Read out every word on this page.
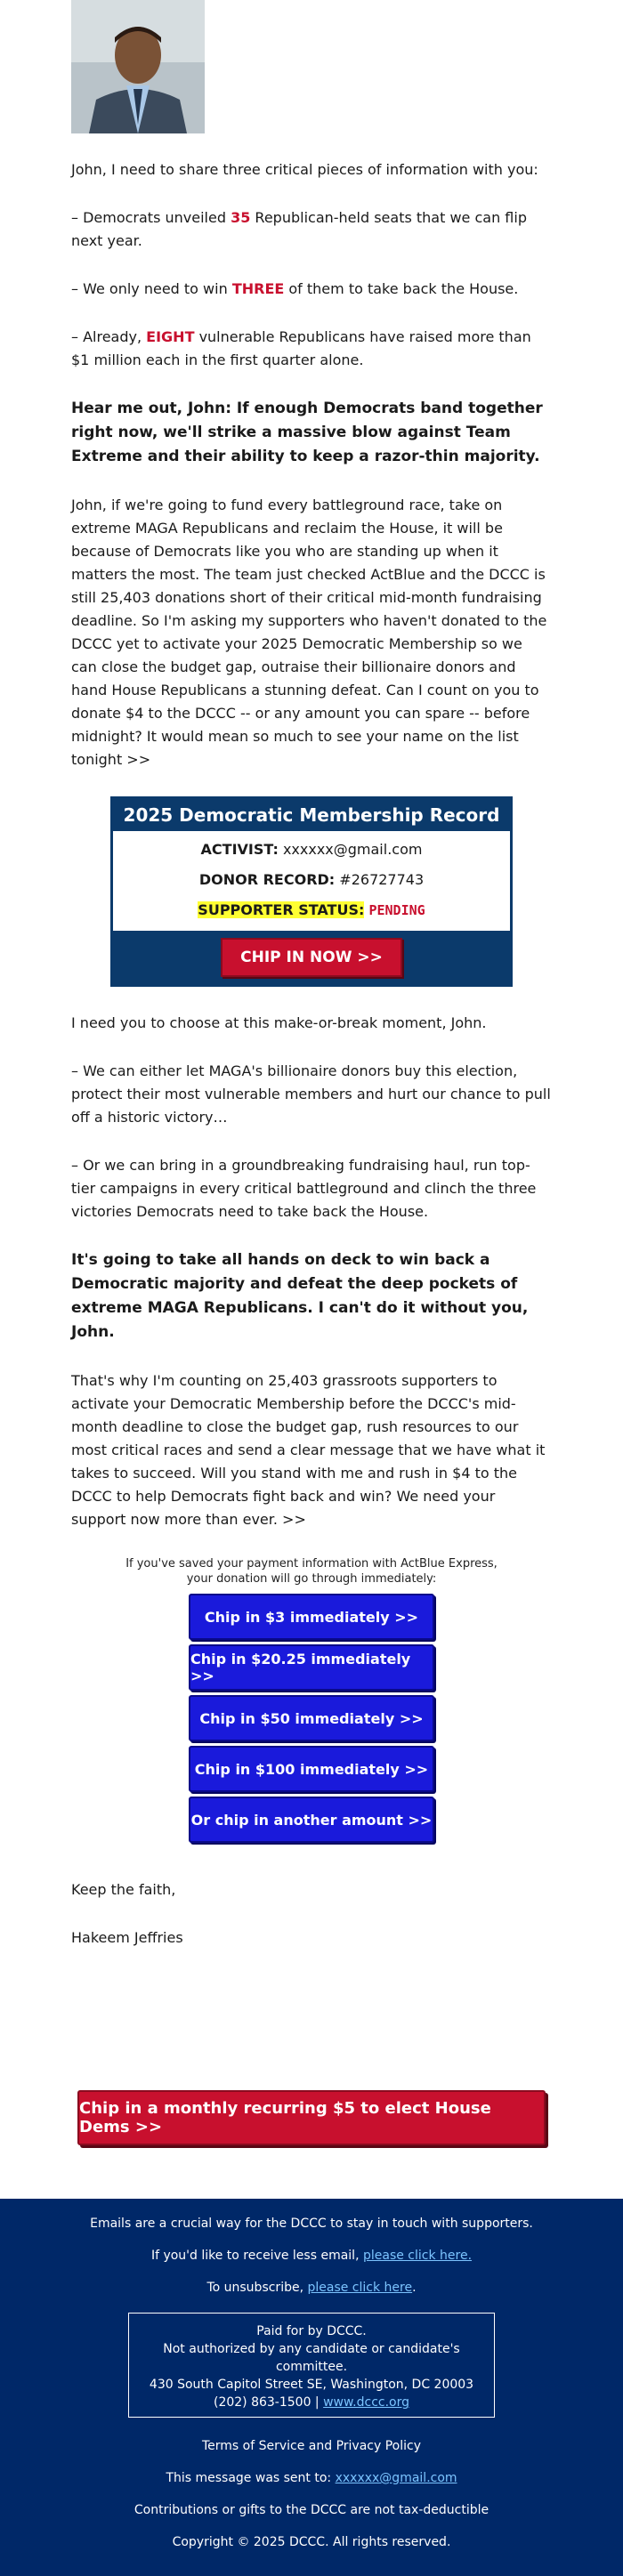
John, I need to share three critical pieces of information with you:

– Democrats unveiled 35 Republican-held seats that we can flip next year.

– We only need to win THREE of them to take back the House.

– Already, EIGHT vulnerable Republicans have raised more than $1 million each in the first quarter alone.

Hear me out, John: If enough Democrats band together right now, we'll strike a massive blow against Team Extreme and their ability to keep a razor-thin majority.

John, if we're going to fund every battleground race, take on extreme MAGA Republicans and reclaim the House, it will be because of Democrats like you who are standing up when it matters the most. The team just checked ActBlue and the DCCC is still 25,403 donations short of their critical mid-month fundraising deadline. So I'm asking my supporters who haven't donated to the DCCC yet to activate your 2025 Democratic Membership so we can close the budget gap, outraise their billionaire donors and hand House Republicans a stunning defeat. Can I count on you to donate $4 to the DCCC -- or any amount you can spare -- before midnight? It would mean so much to see your name on the list tonight >>

2025 Democratic Membership Record
ACTIVIST: xxxxxx@gmail.com
DONOR RECORD: #26727743
SUPPORTER STATUS: PENDING
CHIP IN NOW >>

I need you to choose at this make-or-break moment, John.

– We can either let MAGA's billionaire donors buy this election, protect their most vulnerable members and hurt our chance to pull off a historic victory…

– Or we can bring in a groundbreaking fundraising haul, run top-tier campaigns in every critical battleground and clinch the three victories Democrats need to take back the House.

It's going to take all hands on deck to win back a Democratic majority and defeat the deep pockets of extreme MAGA Republicans. I can't do it without you, John.

That's why I'm counting on 25,403 grassroots supporters to activate your Democratic Membership before the DCCC's mid-month deadline to close the budget gap, rush resources to our most critical races and send a clear message that we have what it takes to succeed. Will you stand with me and rush in $4 to the DCCC to help Democrats fight back and win? We need your support now more than ever. >>

If you've saved your payment information with ActBlue Express,
your donation will go through immediately:
Chip in $3 immediately >>
Chip in $20.25 immediately >>
Chip in $50 immediately >>
Chip in $100 immediately >>
Or chip in another amount >>

Keep the faith,

Hakeem Jeffries

Chip in a monthly recurring $5 to elect House Dems >>

Emails are a crucial way for the DCCC to stay in touch with supporters.

If you'd like to receive less email, please click here.

To unsubscribe, please click here.

Paid for by DCCC.
Not authorized by any candidate or candidate's committee.
430 South Capitol Street SE, Washington, DC 20003
(202) 863-1500 | www.dccc.org

Terms of Service and Privacy Policy

This message was sent to: xxxxxx@gmail.com

Contributions or gifts to the DCCC are not tax-deductible

Copyright © 2025 DCCC. All rights reserved.
